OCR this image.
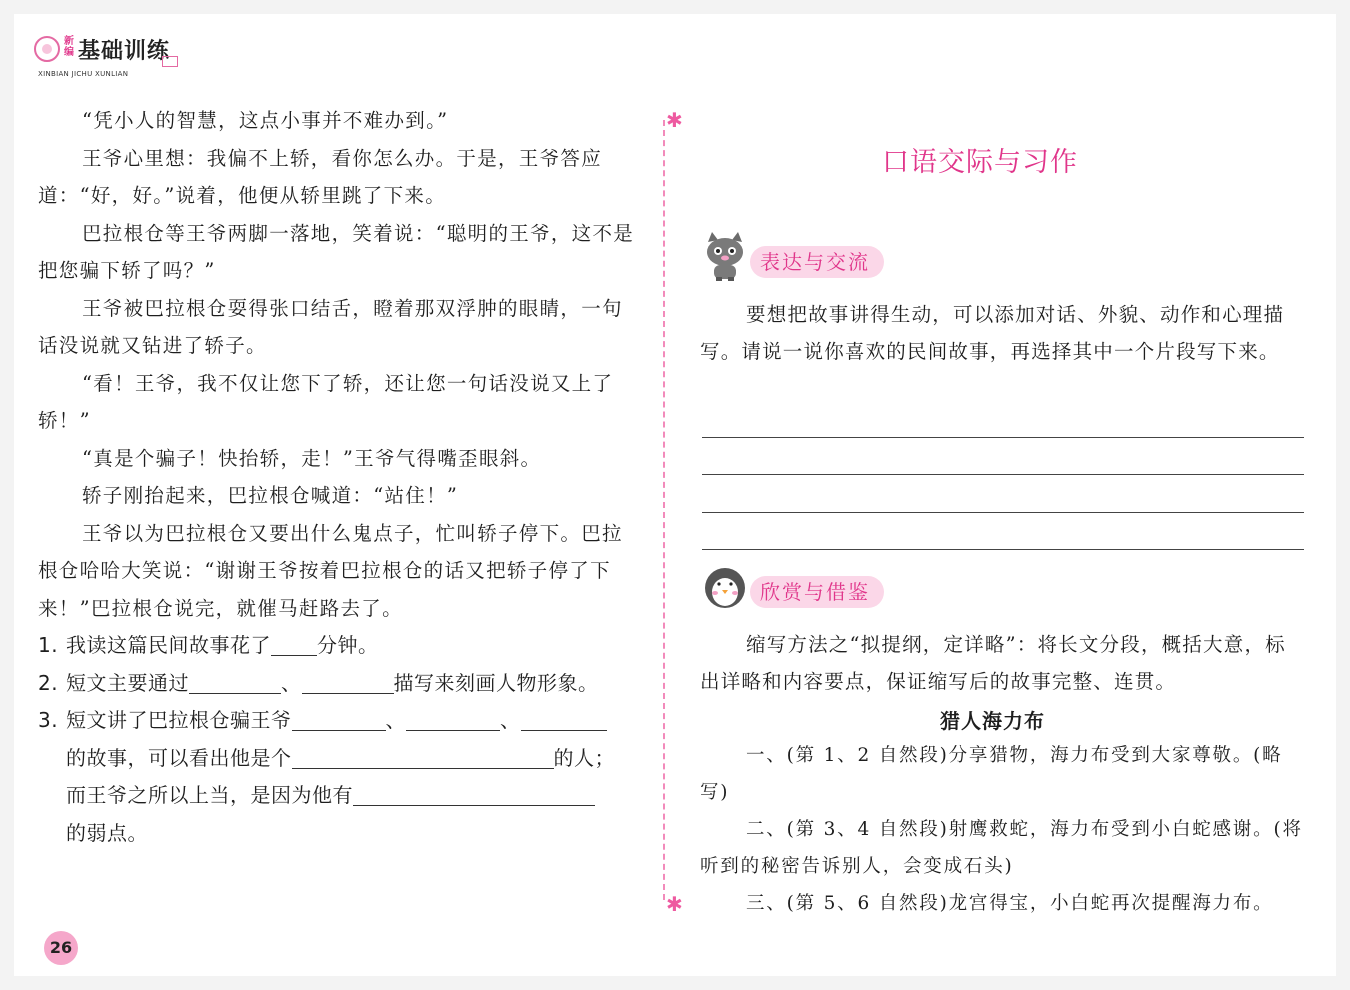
新编 基础训练
XINBIAN JICHU XUNLIAN
✱
✱

“凭小人的智慧，这点小事并不难办到。”

王爷心里想：我偏不上轿，看你怎么办。于是，王爷答应道：“好，好。”说着，他便从轿里跳了下来。

巴拉根仓等王爷两脚一落地，笑着说：“聪明的王爷，这不是把您骗下轿了吗？”

王爷被巴拉根仓耍得张口结舌，瞪着那双浮肿的眼睛，一句话没说就又钻进了轿子。

“看！王爷，我不仅让您下了轿，还让您一句话没说又上了轿！”

“真是个骗子！快抬轿，走！”王爷气得嘴歪眼斜。

轿子刚抬起来，巴拉根仓喊道：“站住！”

王爷以为巴拉根仓又要出什么鬼点子，忙叫轿子停下。巴拉根仓哈哈大笑说：“谢谢王爷按着巴拉根仓的话又把轿子停了下来！”巴拉根仓说完，就催马赶路去了。

1. 我读这篇民间故事花了 分钟。
2. 短文主要通过	、	描写来刻画人物形象。
3. 短文讲了巴拉根仓骗王爷	、	、
的故事，可以看出他是个	的人；
而王爷之所以上当，是因为他有
的弱点。
口语交际与习作
表达与交流

要想把故事讲得生动，可以添加对话、外貌、动作和心理描写。请说一说你喜欢的民间故事，再选择其中一个片段写下来。

欣赏与借鉴

缩写方法之“拟提纲，定详略”：将长文分段，概括大意，标出详略和内容要点，保证缩写后的故事完整、连贯。

猎人海力布

一、(第 1、2 自然段)分享猎物，海力布受到大家尊敬。(略写)

二、(第 3、4 自然段)射鹰救蛇，海力布受到小白蛇感谢。(将听到的秘密告诉别人，会变成石头)

三、(第 5、6 自然段)龙宫得宝，小白蛇再次提醒海力布。

26
